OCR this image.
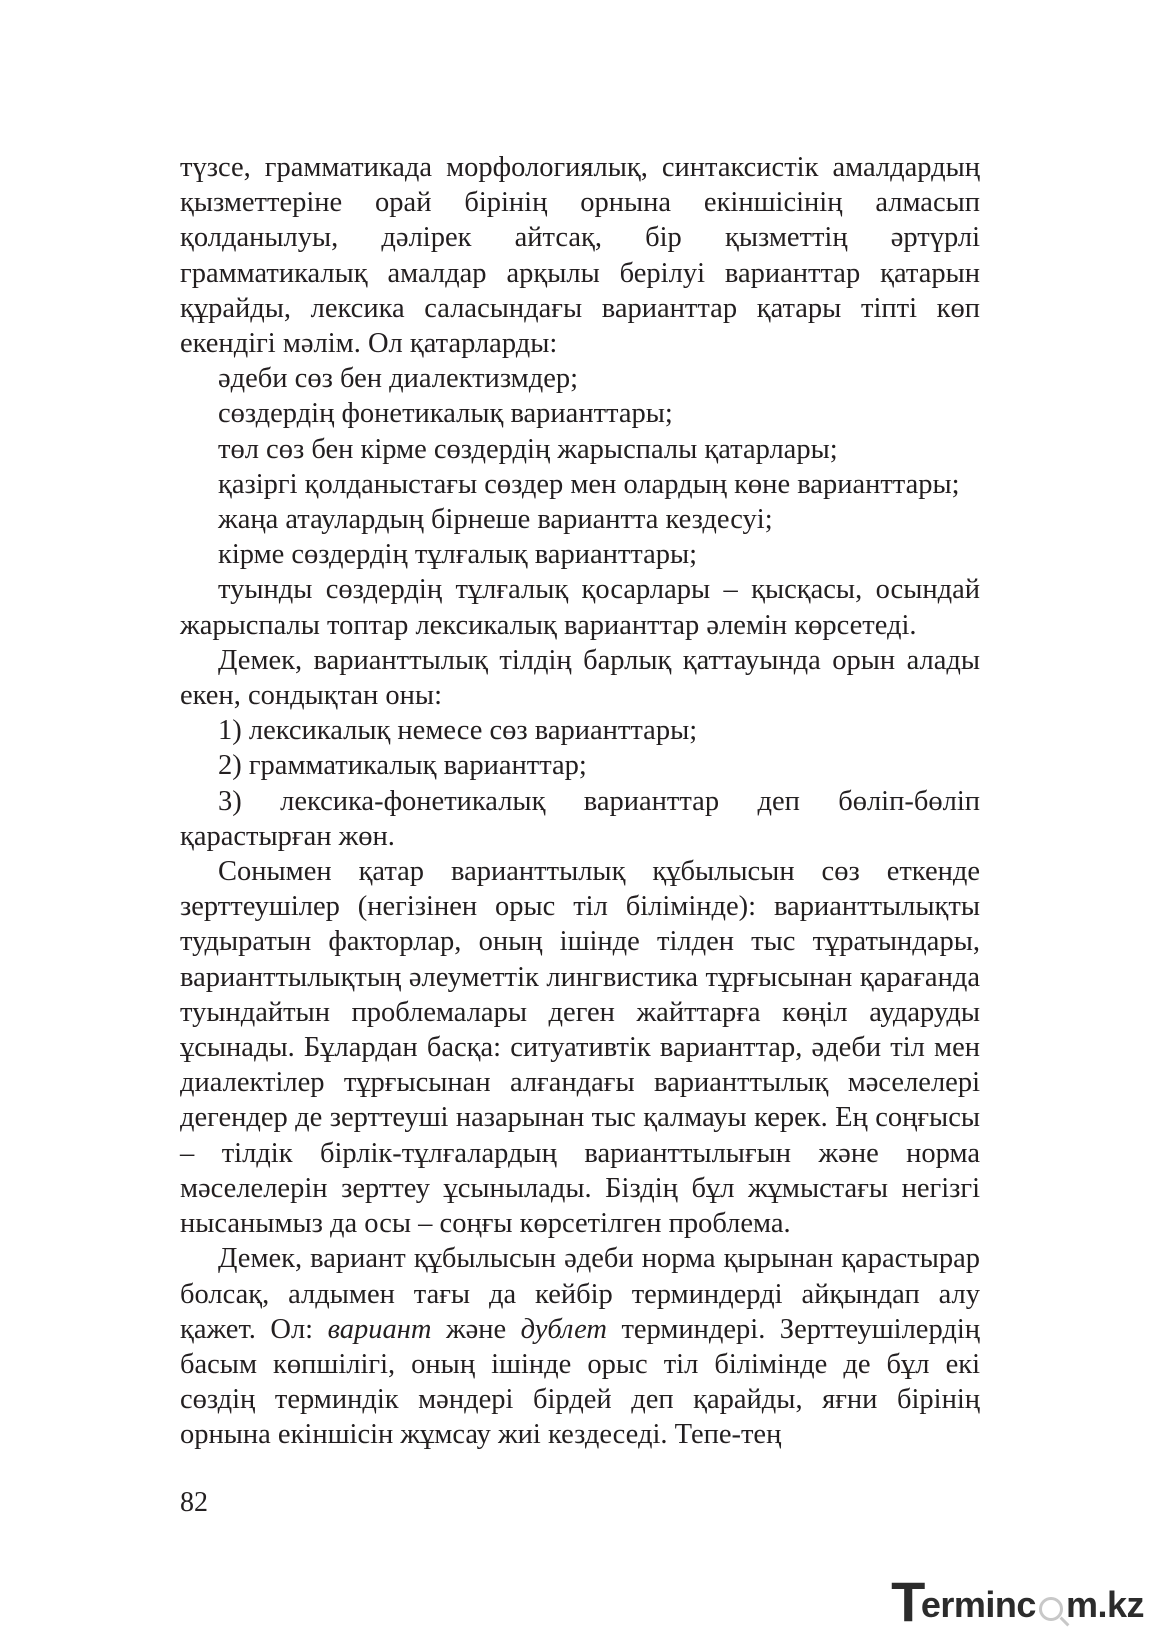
түзсе, грамматикада морфологиялық, синтаксистік амалдардың қызметтеріне орай бірінің орнына екіншісінің алмасып қолданылуы, дәлірек айтсақ, бір қызметтің әртүрлі грамматикалық амалдар арқылы берілуі варианттар қатарын құрайды, лексика саласындағы варианттар қатары тіпті көп екендігі мәлім. Ол қатарларды:

әдеби сөз бен диалектизмдер;

сөздердің фонетикалық варианттары;

төл сөз бен кірме сөздердің жарыспалы қатарлары;

қазіргі қолданыстағы сөздер мен олардың көне варианттары;

жаңа атаулардың бірнеше вариантта кездесуі;

кірме сөздердің тұлғалық варианттары;

туынды сөздердің тұлғалық қосарлары – қысқасы, осындай жарыспалы топтар лексикалық варианттар әлемін көрсетеді.

Демек, варианттылық тілдің барлық қаттауында орын алады екен, сондықтан оны:

1) лексикалық немесе сөз варианттары;

2) грамматикалық варианттар;

3) лексика-фонетикалық варианттар деп бөліп-бөліп қарастырған жөн.

Сонымен қатар варианттылық құбылысын сөз еткенде зерттеушілер (негізінен орыс тіл білімінде): варианттылықты тудыратын факторлар, оның ішінде тілден тыс тұратындары, варианттылықтың әлеуметтік лингвистика тұрғысынан қарағанда туындайтын проблемалары деген жайттарға көңіл аударуды ұсынады. Бұлардан басқа: ситуативтік варианттар, әдеби тіл мен диалектілер тұрғысынан алғандағы варианттылық мәселелері дегендер де зерттеуші назарынан тыс қалмауы керек. Ең соңғысы – тілдік бірлік-тұлғалардың варианттылығын және норма мәселелерін зерттеу ұсынылады. Біздің бұл жұмыстағы негізгі нысанымыз да осы – соңғы көрсетілген проблема.

Демек, вариант құбылысын әдеби норма қырынан қарастырар болсақ, алдымен тағы да кейбір терминдерді айқындап алу қажет. Ол: вариант және дублет терминдері. Зерттеушілердің басым көпшілігі, оның ішінде орыс тіл білімінде де бұл екі сөздің терминдік мәндері бірдей деп қарайды, яғни бірінің орнына екіншісін жұмсау жиі кездеседі. Тепе-тең

82
T
erminc m.kz
